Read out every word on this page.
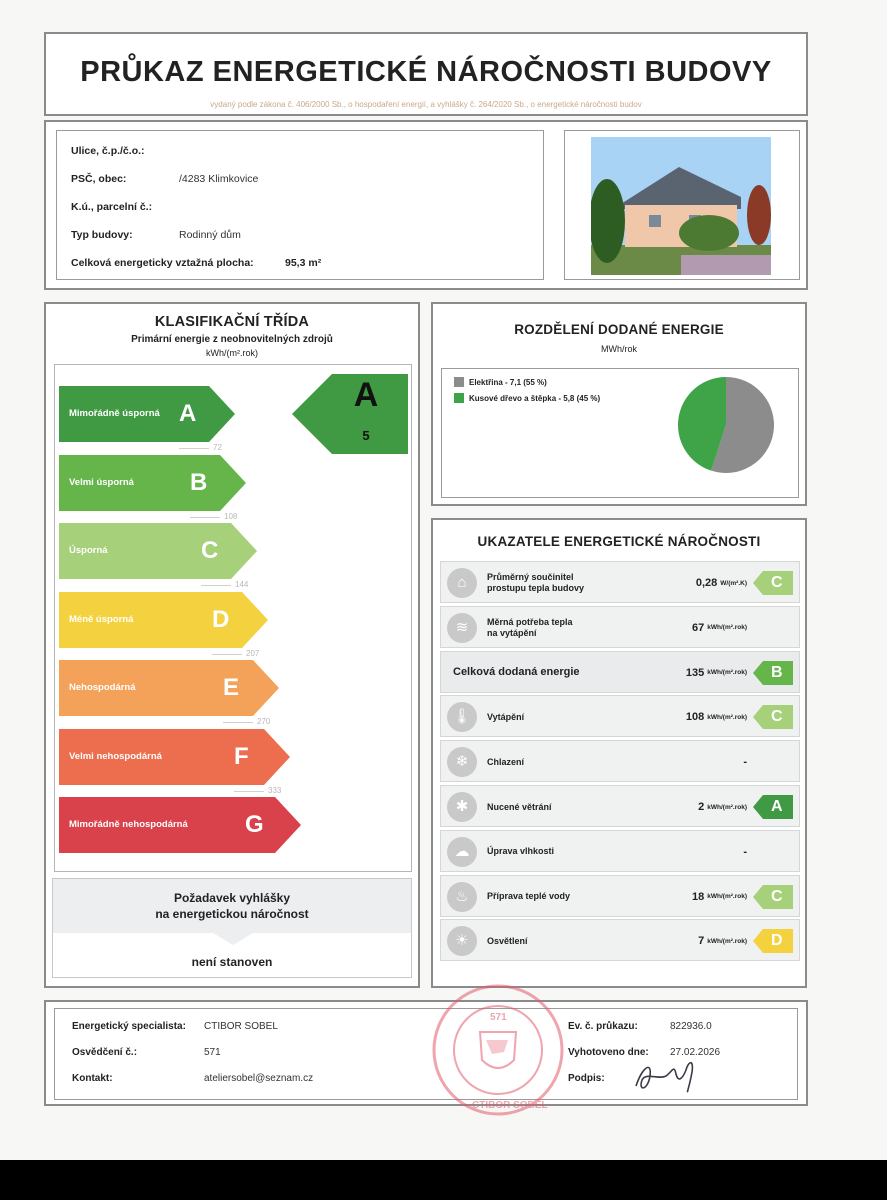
PRŮKAZ ENERGETICKÉ NÁROČNOSTI BUDOVY
vydaný podle zákona č. 406/2000 Sb., o hospodaření energií, a vyhlášky č. 264/2020 Sb., o energetické náročnosti budov
Ulice, č.p./č.o.:
PSČ, obec:	/4283 Klimkovice
K.ú., parcelní č.:
Typ budovy:	Rodinný dům
Celková energeticky vztažná plocha:	95,3 m²
KLASIFIKAČNÍ TŘÍDA
Primární energie z neobnovitelných zdrojů
kWh/(m².rok)
Mimořádně úsporná A
72
Velmi úsporná	B
108
Úsporná	C
144
Méně úsporná	D
207
Nehospodárná	E
270
Velmi nehospodárná	F
333
Mimořádně nehospodárná	G
A
5
Požadavek vyhlášky
na energetickou náročnost
není stanoven
ROZDĚLENÍ DODANÉ ENERGIE
MWh/rok
Elektřina - 7,1 (55 %)
Kusové dřevo a štěpka - 5,8 (45 %)
UKAZATELE ENERGETICKÉ NÁROČNOSTI
⌂	Průměrný součinitel
prostupu tepla budovy	0,28 W/(m².K) C
≋	Měrná potřeba tepla
na vytápění	67 kWh/(m².rok)
Celková dodaná energie	135 kWh/(m².rok) B
🌡	Vytápění	108 kWh/(m².rok) C
❄	Chlazení	-
✱	Nucené větrání	2 kWh/(m².rok) A
☁	Úprava vlhkosti	-
♨	Příprava teplé vody	18 kWh/(m².rok) C
☀	Osvětlení	7 kWh/(m².rok) D
Energetický specialista: CTIBOR SOBEL
Osvědčení č.:	571
Kontakt:	ateliersobel@seznam.cz
Ev. č. průkazu:	822936.0
Vyhotoveno dne: 27.02.2026
Podpis:
571
CTIBOR SOBEL
